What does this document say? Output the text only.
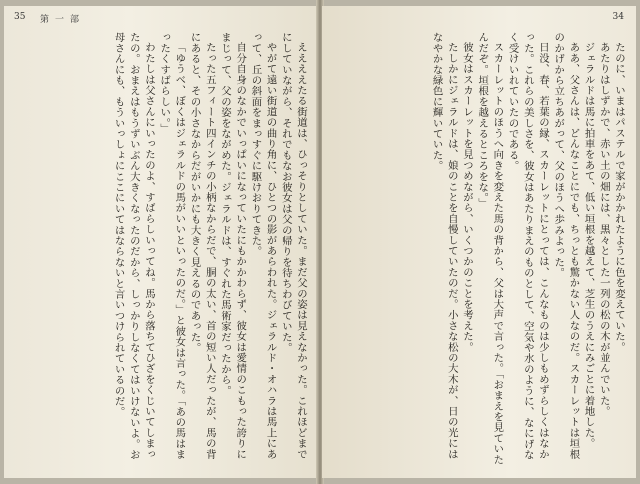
35 第一部

ええええたる街道は、ひっそりとしていた。まだ父の姿は見えなかった。これほどまでにしていながら、それでもなお彼女は父の帰りを待ちわびていた。

やがて遠い街道の曲り角に、ひとつの影があらわれた。ジェラルド・オハラは馬上にあって、丘の斜面をまっすぐに駆けおりてきた。

自分自身のなかでいっぱいになっていたにもかかわらず、彼女は愛情のこもった誇りにまじって、父の姿をながめた。ジェラルドは、すぐれた馬術家だったから。

たった五フィート四インチの小柄なからだで、胴の太い、首の短い人だったが、馬の背にあると、その小さなからだがいかにも大きく見えるのであった。

「ゆうべ、ぼくはジェラルドの馬がいいといったのだ。」と彼女は言った。「あの馬はまったくすばらしい。」

わたしは父さんにいったのよ、すばらしいってね。馬から落ちてひざをくじいてしまったの。おまえはもうずいぶん大きくなったのだから、しっかりしなくてはいけないよ。お母さんにも、もういっしょにここにいてはならないと言いつけられているのだ。

34

たのに、いまはパステルで家がかかれたように色を変えていた。

あたりはしずかで、赤い土の畑には、黒々とした一列の松の木が並んでいた。

ジェラルドは馬に拍車をあて、低い垣根を越えて、芝生のうえにみごとに着地した。

ああ、父さんは、どんなことにでも、ちっとも驚かない人なのだ。スカーレットは垣根のかげから立ちあがって、父のほうへ歩みよった。

日没、春、若葉の縁、スカーレットにとっては、こんなものは少しもめずらしくはなかった。これらの美しさを、彼女はあたりまえのものとして、空気や水のように、なにげなく受けいれていたのである。

スカーレットのほうへ向きを変えた馬の背から、父は大声で言った。「おまえを見ていたんだぞ。垣根を越えるところをな。」

彼女はスカーレットを見つめながら、いくつかのことを考えた。

たしかにジェラルドは、娘のことを自慢していたのだ。小さな松の大木が、日の光にはなやかな緑色に輝いていた。
